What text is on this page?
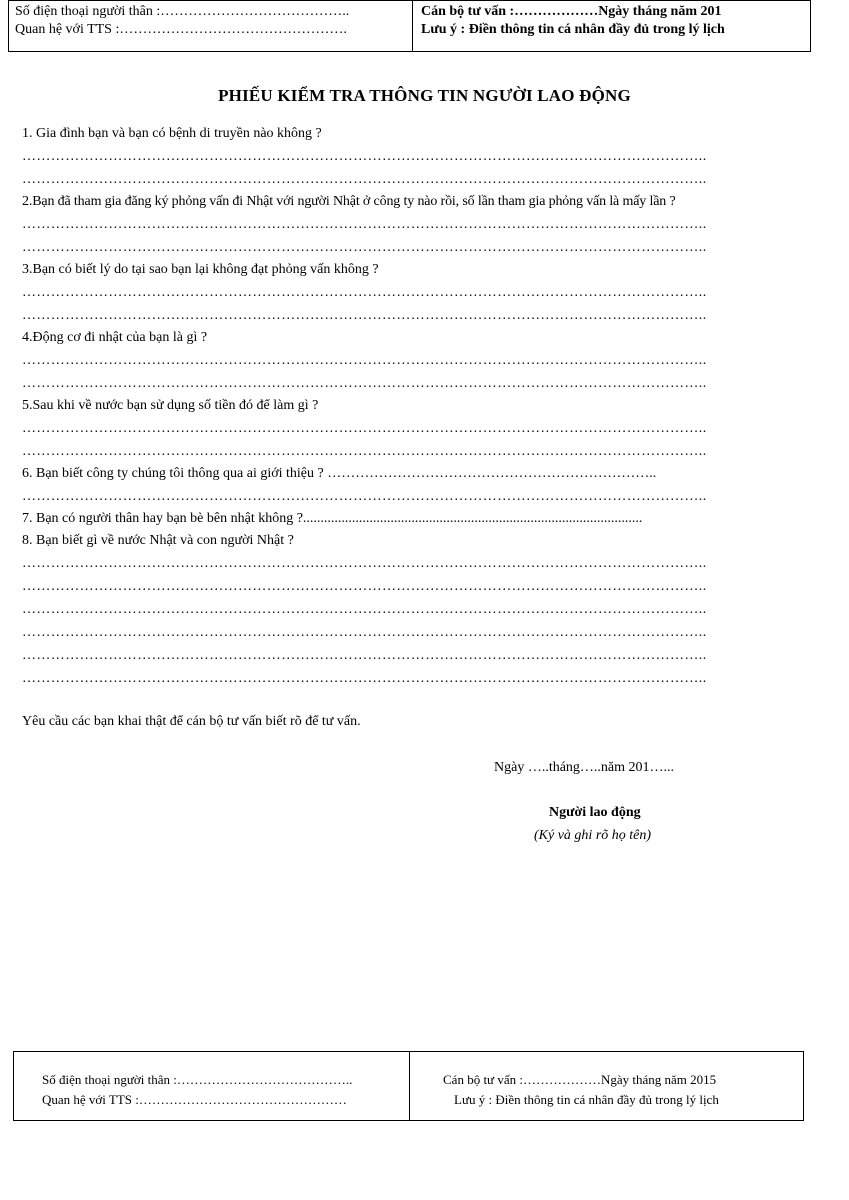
Số điện thoại người thân :…………………………………..
Quan hệ với TTS :………………………………………….
Cán bộ tư vấn :………………Ngày tháng năm 201
Lưu ý : Điền thông tin cá nhân đầy đủ trong lý lịch
PHIẾU KIỂM TRA THÔNG TIN NGƯỜI LAO ĐỘNG
1. Gia đình bạn và bạn có bệnh di truyền nào không ?
……………………………………………………………………………………………………………………………..
……………………………………………………………………………………………………………………………..
2.Bạn đã tham gia đăng ký phỏng vấn đi Nhật với người Nhật ở công ty nào rồi, số lần tham gia phỏng vấn là mấy lần ?
……………………………………………………………………………………………………………………………..
……………………………………………………………………………………………………………………………..
3.Bạn có biết lý do tại sao bạn lại không đạt phỏng vấn không ?
……………………………………………………………………………………………………………………………..
……………………………………………………………………………………………………………………………..
4.Động cơ đi nhật của bạn là gì ?
……………………………………………………………………………………………………………………………..
……………………………………………………………………………………………………………………………..
5.Sau khi về nước bạn sử dụng số tiền đó để làm gì ?
……………………………………………………………………………………………………………………………..
……………………………………………………………………………………………………………………………..
6. Bạn biết công ty chúng tôi thông qua ai giới thiệu ? ……………………………………………………………..
……………………………………………………………………………………………………………………………..
7. Bạn có người thân hay bạn bè bên nhật không ?.................................................................................................
8. Bạn biết gì về nước Nhật và con người Nhật ?
……………………………………………………………………………………………………………………………..
……………………………………………………………………………………………………………………………..
……………………………………………………………………………………………………………………………..
……………………………………………………………………………………………………………………………..
……………………………………………………………………………………………………………………………..
……………………………………………………………………………………………………………………………..
Yêu cầu các bạn khai thật để cán bộ tư vấn biết rõ để tư vấn.
Ngày …..tháng…..năm 201…...
Người lao động
(Ký và ghi rõ họ tên)
Số điện thoại người thân :…………………………………..
Quan hệ với TTS :…………………………………………
Cán bộ tư vấn :………………Ngày tháng năm 2015
Lưu ý : Điền thông tin cá nhân đầy đủ trong lý lịch
